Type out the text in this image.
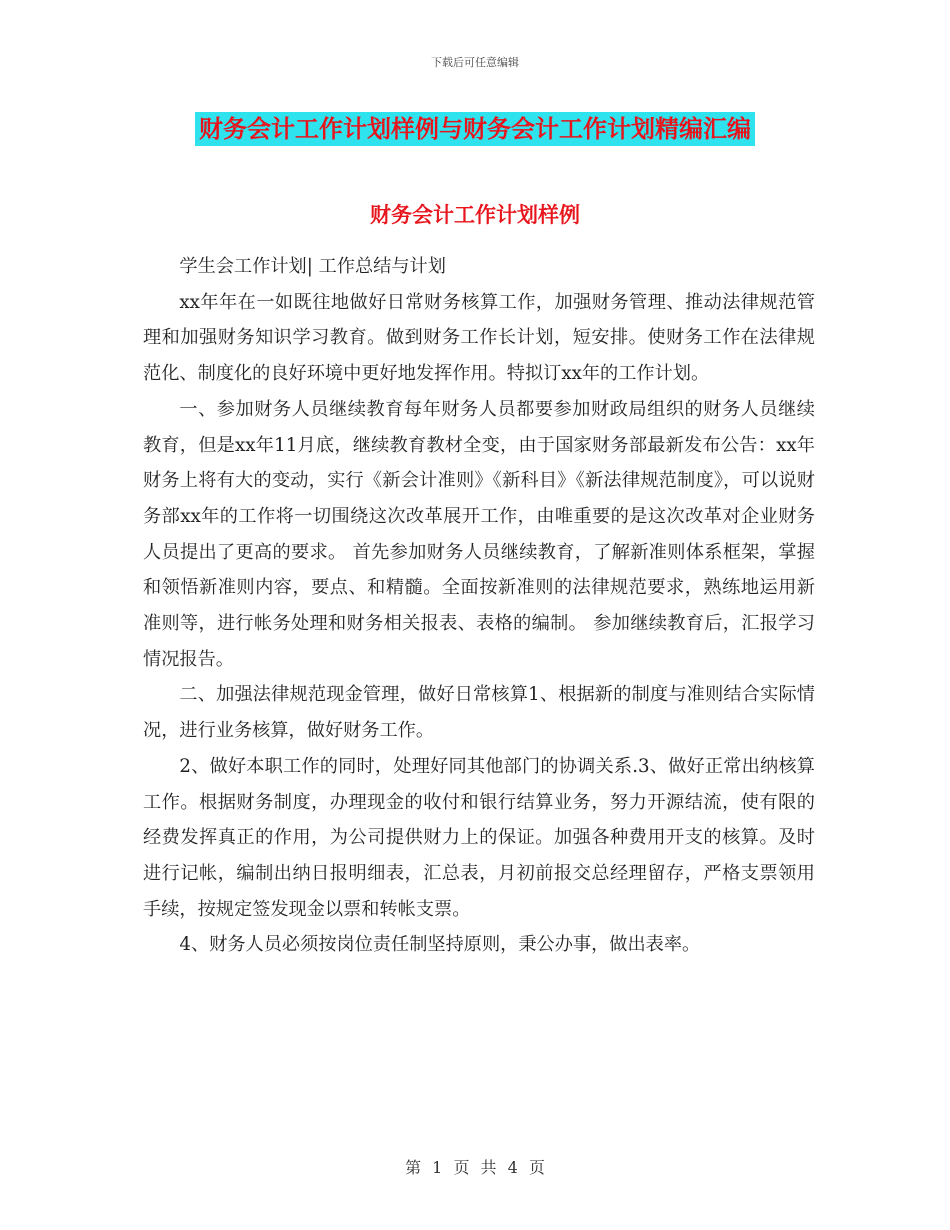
下载后可任意编辑
财务会计工作计划样例与财务会计工作计划精编汇编
财务会计工作计划样例

学生会工作计划| 工作总结与计划

xx年年在一如既往地做好日常财务核算工作，加强财务管理、推动法律规范管理和加强财务知识学习教育。做到财务工作长计划，短安排。使财务工作在法律规范化、制度化的良好环境中更好地发挥作用。特拟订xx年的工作计划。

一、参加财务人员继续教育每年财务人员都要参加财政局组织的财务人员继续教育，但是xx年11月底，继续教育教材全变，由于国家财务部最新发布公告：xx年财务上将有大的变动，实行《新会计准则》《新科目》《新法律规范制度》，可以说财务部xx年的工作将一切围绕这次改革展开工作，由唯重要的是这次改革对企业财务人员提出了更高的要求。 首先参加财务人员继续教育，了解新准则体系框架，掌握和领悟新准则内容，要点、和精髓。全面按新准则的法律规范要求，熟练地运用新准则等，进行帐务处理和财务相关报表、表格的编制。 参加继续教育后，汇报学习情况报告。

二、加强法律规范现金管理，做好日常核算1、根据新的制度与准则结合实际情况，进行业务核算，做好财务工作。

2、做好本职工作的同时，处理好同其他部门的协调关系.3、做好正常出纳核算工作。根据财务制度，办理现金的收付和银行结算业务，努力开源结流，使有限的经费发挥真正的作用，为公司提供财力上的保证。加强各种费用开支的核算。及时进行记帐，编制出纳日报明细表，汇总表，月初前报交总经理留存，严格支票领用手续，按规定签发现金以票和转帐支票。

4、财务人员必须按岗位责任制坚持原则，秉公办事，做出表率。

第 1 页 共 4 页
